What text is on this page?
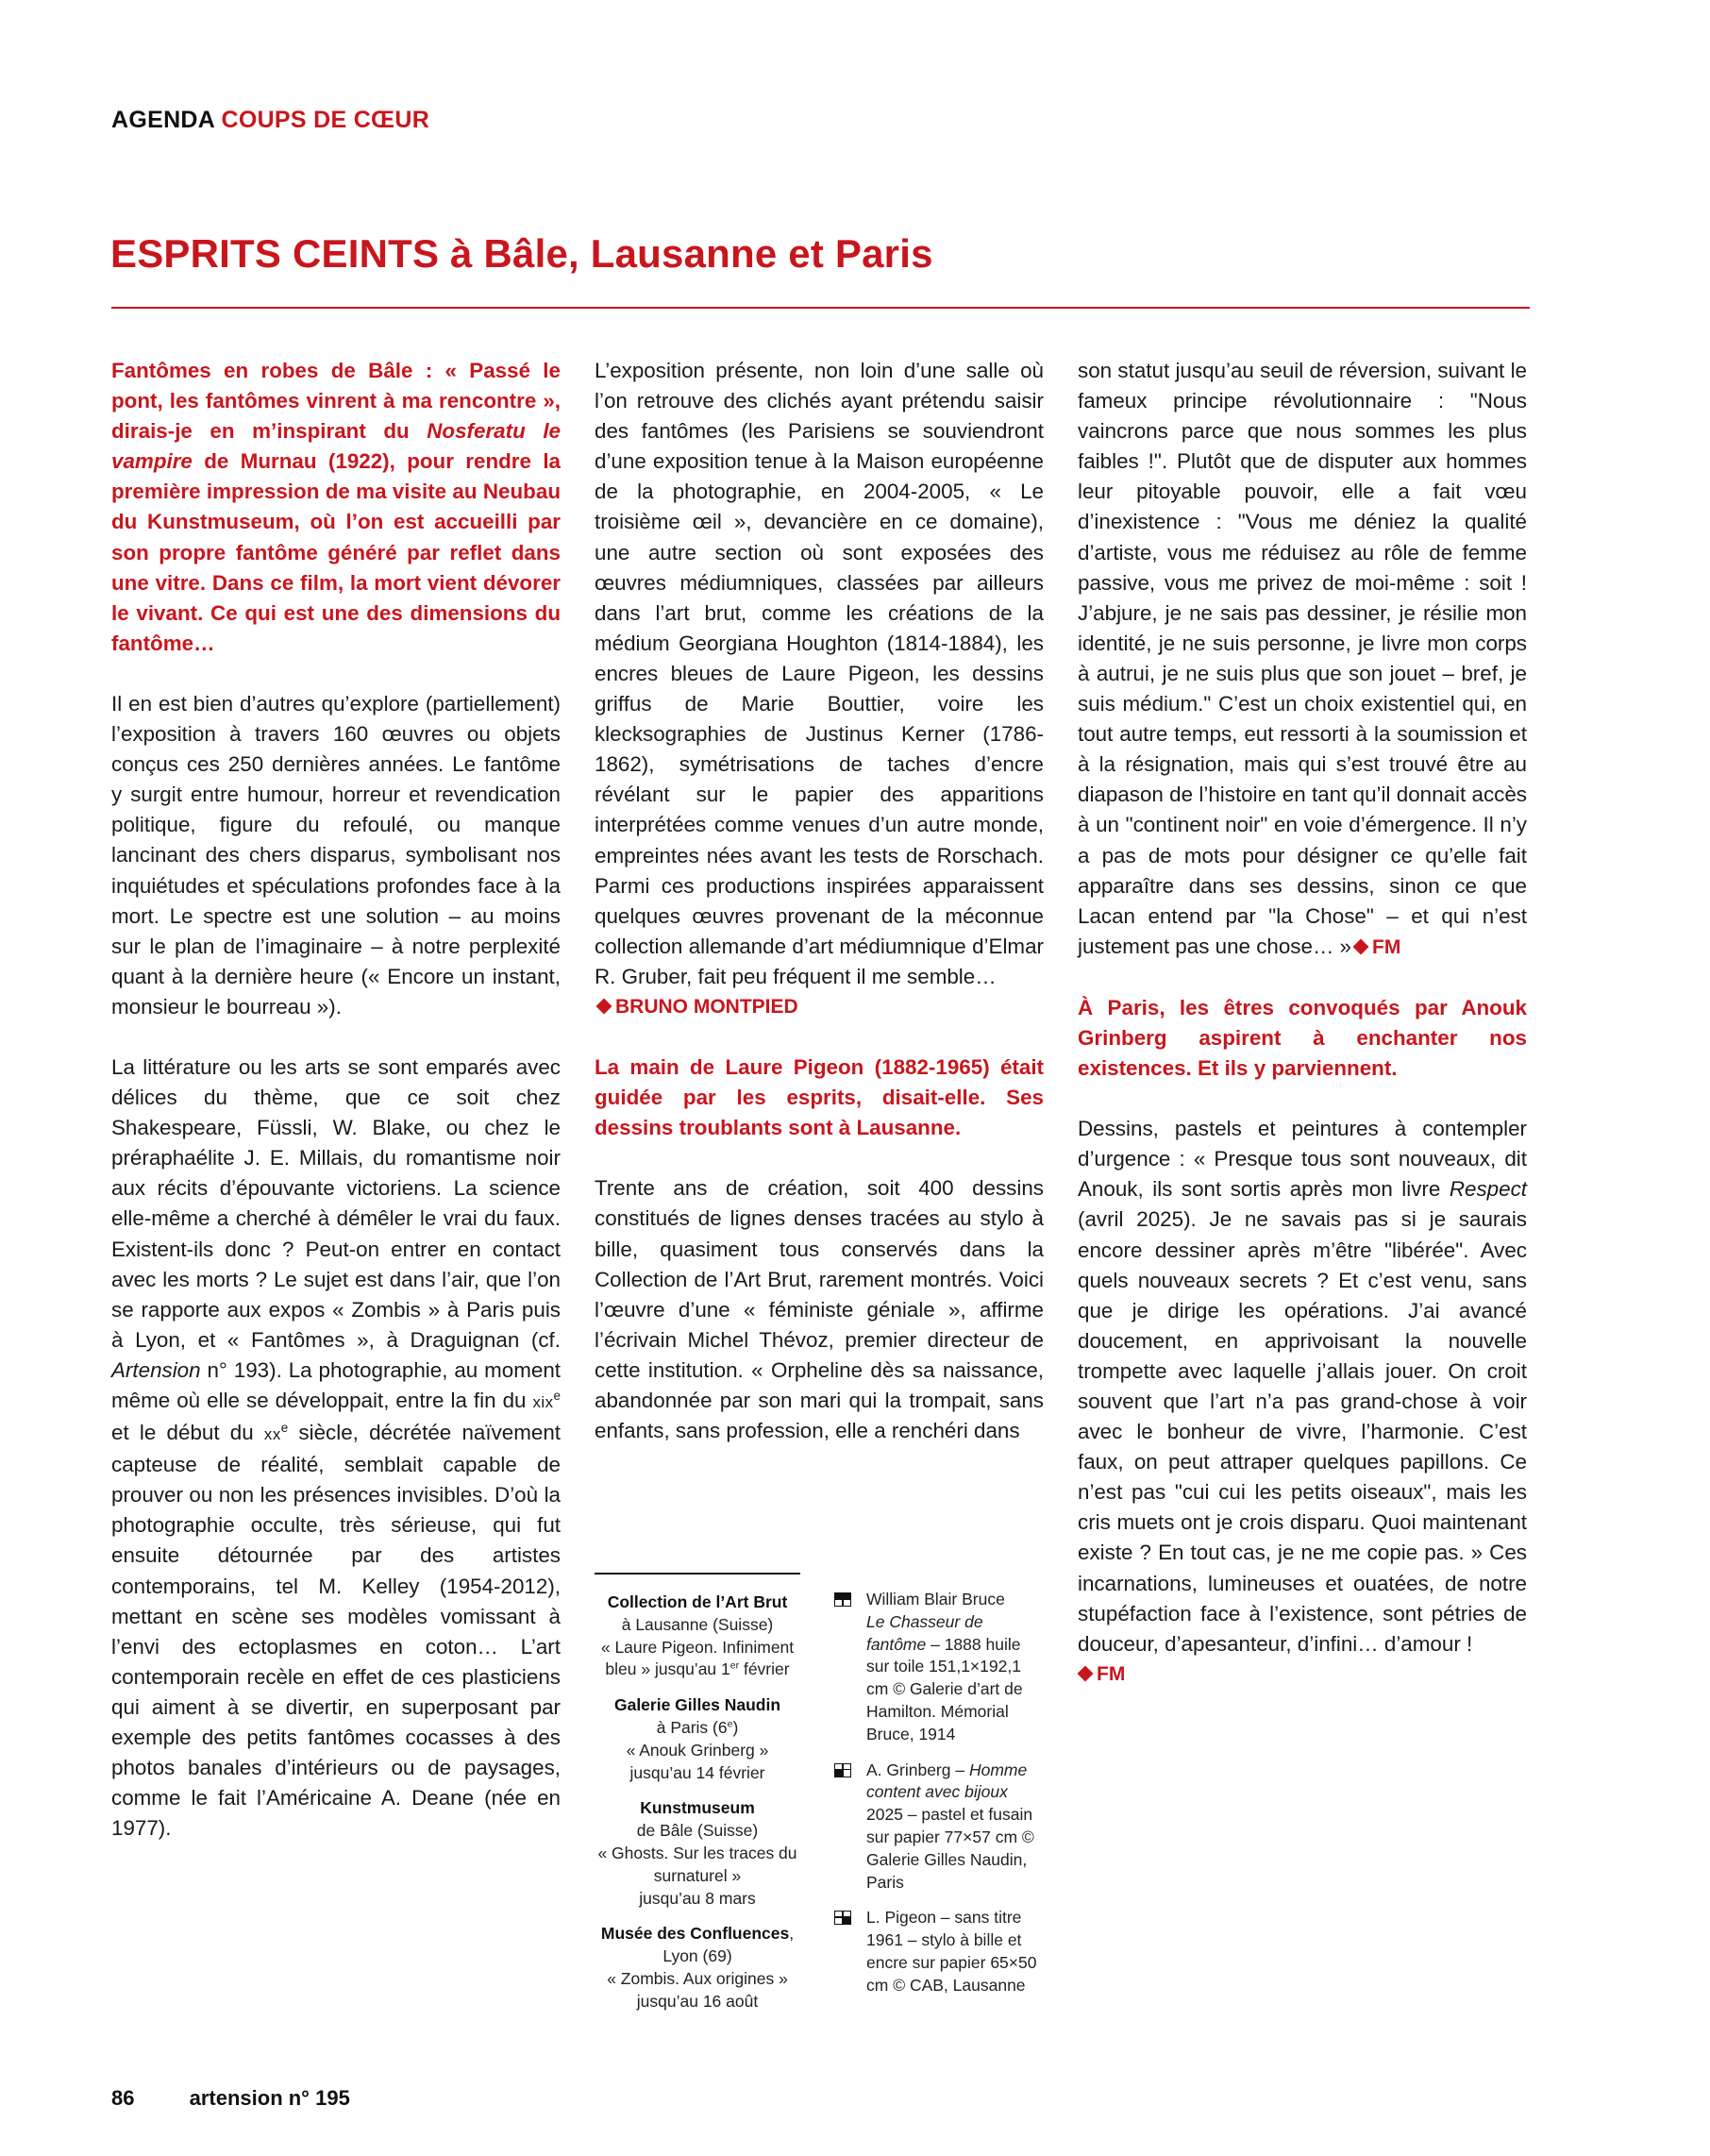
AGENDA COUPS DE CŒUR
ESPRITS CEINTS à Bâle, Lausanne et Paris

Fantômes en robes de Bâle : « Passé le pont, les fantômes vinrent à ma rencontre », dirais-je en m’inspirant du Nosferatu le vampire de Murnau (1922), pour rendre la première impression de ma visite au Neubau du Kunstmuseum, où l’on est accueilli par son propre fantôme généré par reflet dans une vitre. Dans ce film, la mort vient dévorer le vivant. Ce qui est une des dimensions du fantôme…

Il en est bien d’autres qu’explore (partiellement) l’exposition à travers 160 œuvres ou objets conçus ces 250 dernières années. Le fantôme y surgit entre humour, horreur et revendication politique, figure du refoulé, ou manque lancinant des chers disparus, symbolisant nos inquiétudes et spéculations profondes face à la mort. Le spectre est une solution – au moins sur le plan de l’imaginaire – à notre perplexité quant à la dernière heure (« Encore un instant, monsieur le bourreau »).

La littérature ou les arts se sont emparés avec délices du thème, que ce soit chez Shakespeare, Füssli, W. Blake, ou chez le préraphaélite J. E. Millais, du romantisme noir aux récits d’épouvante victoriens. La science elle-même a cherché à démêler le vrai du faux. Existent-ils donc ? Peut-on entrer en contact avec les morts ? Le sujet est dans l’air, que l’on se rapporte aux expos « Zombis » à Paris puis à Lyon, et « Fantômes », à Draguignan (cf. Artension n° 193). La photographie, au moment même où elle se développait, entre la fin du xix$^e$ et le début du $xx^e$ siècle, décrétée naïvement capteuse de réalité, semblait capable de prouver ou non les présences invisibles. D’où la photographie occulte, très sérieuse, qui fut ensuite détournée par des artistes contemporains, tel M. Kelley (1954-2012), mettant en scène ses modèles vomissant à l’envi des ectoplasmes en coton… L’art contemporain recèle en effet de ces plasticiens qui aiment à se divertir, en superposant par exemple des petits fantômes cocasses à des photos banales d’intérieurs ou de paysages, comme le fait l’Américaine A. Deane (née en 1977).

L’exposition présente, non loin d’une salle où l’on retrouve des clichés ayant prétendu saisir des fantômes (les Parisiens se souviendront d’une exposition tenue à la Maison européenne de la photographie, en 2004-2005, « Le troisième œil », devancière en ce domaine), une autre section où sont exposées des œuvres médiumniques, classées par ailleurs dans l’art brut, comme les créations de la médium Georgiana Houghton (1814-1884), les encres bleues de Laure Pigeon, les dessins griffus de Marie Bouttier, voire les klecksographies de Justinus Kerner (1786-1862), symétrisations de taches d’encre révélant sur le papier des apparitions interprétées comme venues d’un autre monde, empreintes nées avant les tests de Rorschach. Parmi ces productions inspirées apparaissent quelques œuvres provenant de la méconnue collection allemande d’art médiumnique d’Elmar R. Gruber, fait peu fréquent il me semble…

BRUNO MONTPIED

La main de Laure Pigeon (1882-1965) était guidée par les esprits, disait-elle. Ses dessins troublants sont à Lausanne.

Trente ans de création, soit 400 dessins constitués de lignes denses tracées au stylo à bille, quasiment tous conservés dans la Collection de l’Art Brut, rarement montrés. Voici l’œuvre d’une « féministe géniale », affirme l’écrivain Michel Thévoz, premier directeur de cette institution. « Orpheline dès sa naissance, abandonnée par son mari qui la trompait, sans enfants, sans profession, elle a renchéri dans

son statut jusqu’au seuil de réversion, suivant le fameux principe révolutionnaire : "Nous vaincrons parce que nous sommes les plus faibles !". Plutôt que de disputer aux hommes leur pitoyable pouvoir, elle a fait vœu d’inexistence : "Vous me déniez la qualité d’artiste, vous me réduisez au rôle de femme passive, vous me privez de moi-même : soit ! J’abjure, je ne sais pas dessiner, je résilie mon identité, je ne suis personne, je livre mon corps à autrui, je ne suis plus que son jouet – bref, je suis médium." C’est un choix existentiel qui, en tout autre temps, eut ressorti à la soumission et à la résignation, mais qui s’est trouvé être au diapason de l’histoire en tant qu’il donnait accès à un "continent noir" en voie d’émergence. Il n’y a pas de mots pour désigner ce qu’elle fait apparaître dans ses dessins, sinon ce que Lacan entend par "la Chose" – et qui n’est justement pas une chose… » FM

À Paris, les êtres convoqués par Anouk Grinberg aspirent à enchanter nos existences. Et ils y parviennent.

Dessins, pastels et peintures à contempler d’urgence : « Presque tous sont nouveaux, dit Anouk, ils sont sortis après mon livre Respect (avril 2025). Je ne savais pas si je saurais encore dessiner après m’être "libérée". Avec quels nouveaux secrets ? Et c’est venu, sans que je dirige les opérations. J’ai avancé doucement, en apprivoisant la nouvelle trompette avec laquelle j’allais jouer. On croit souvent que l’art n’a pas grand-chose à voir avec le bonheur de vivre, l’harmonie. C’est faux, on peut attraper quelques papillons. Ce n’est pas "cui cui les petits oiseaux", mais les cris muets ont je crois disparu. Quoi maintenant existe ? En tout cas, je ne me copie pas. » Ces incarnations, lumineuses et ouatées, de notre stupéfaction face à l’existence, sont pétries de douceur, d’apesanteur, d’infini… d’amour !

FM

Collection de l’Art Brut
à Lausanne (Suisse)
« Laure Pigeon. Infiniment bleu » jusqu’au 1er février
Galerie Gilles Naudin
à Paris (6e)
« Anouk Grinberg »
jusqu’au 14 février
Kunstmuseum
de Bâle (Suisse)
« Ghosts. Sur les traces du surnaturel »
jusqu’au 8 mars
Musée des Confluences,
Lyon (69)
« Zombis. Aux origines »
jusqu’au 16 août
William Blair Bruce
Le Chasseur de fantôme – 1888 huile sur toile 151,1×192,1 cm © Galerie d’art de Hamilton. Mémorial Bruce, 1914
A. Grinberg – Homme content avec bijoux 2025 – pastel et fusain sur papier 77×57 cm © Galerie Gilles Naudin, Paris
L. Pigeon – sans titre 1961 – stylo à bille et encre sur papier 65×50 cm © CAB, Lausanne
86	artension n° 195
